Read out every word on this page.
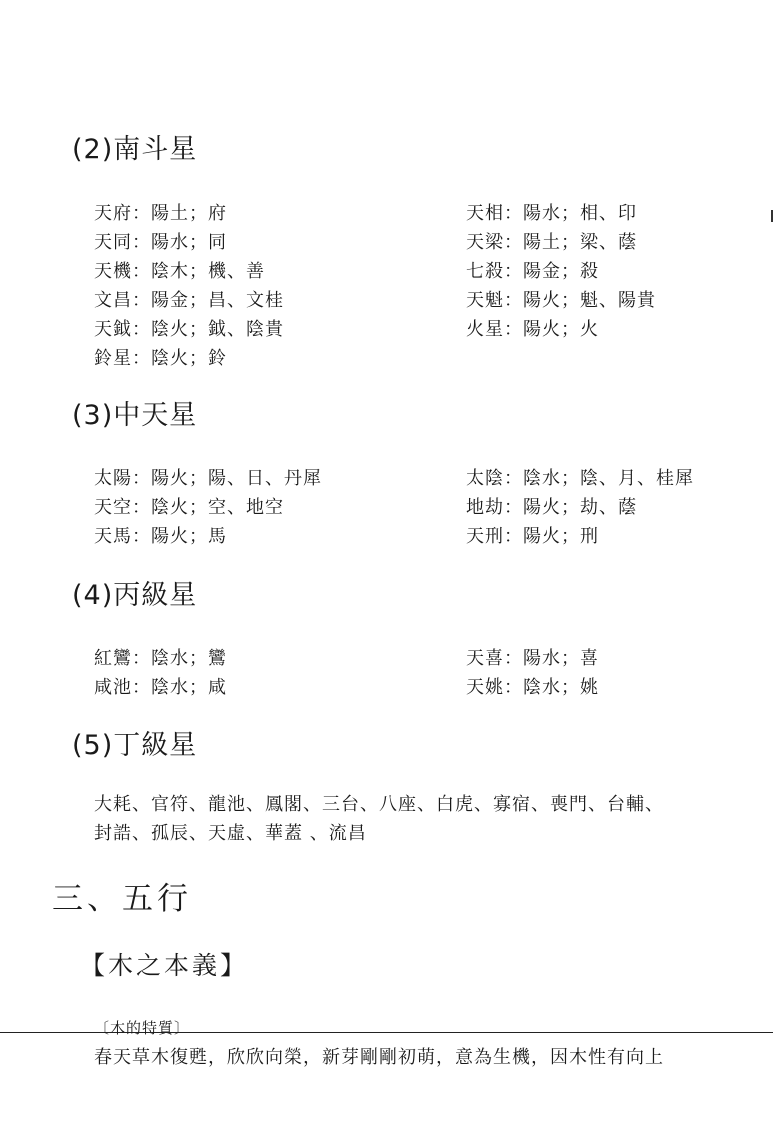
(2)南斗星
天府：陽土；府
天同：陽水；同
天機：陰木；機、善
文昌：陽金；昌、文桂
天鉞：陰火；鉞、陰貴
鈴星：陰火；鈴
天相：陽水；相、印
天梁：陽土；梁、蔭
七殺：陽金；殺
天魁：陽火；魁、陽貴
火星：陽火；火
(3)中天星
太陽：陽火；陽、日、丹犀
天空：陰火；空、地空
天馬：陽火；馬
太陰：陰水；陰、月、桂犀
地劫：陽火；劫、蔭
天刑：陽火；刑
(4)丙級星
紅鸞：陰水；鸞
咸池：陰水；咸
天喜：陽水；喜
天姚：陰水；姚
(5)丁級星
大耗、官符、龍池、鳳閣、三台、八座、白虎、寡宿、喪門、台輔、
封誥、孤辰、天虛、華蓋 、流昌
三、五行
【木之本義】
〔木的特質〕
春天草木復甦，欣欣向榮，新芽剛剛初萌，意為生機，因木性有向上
